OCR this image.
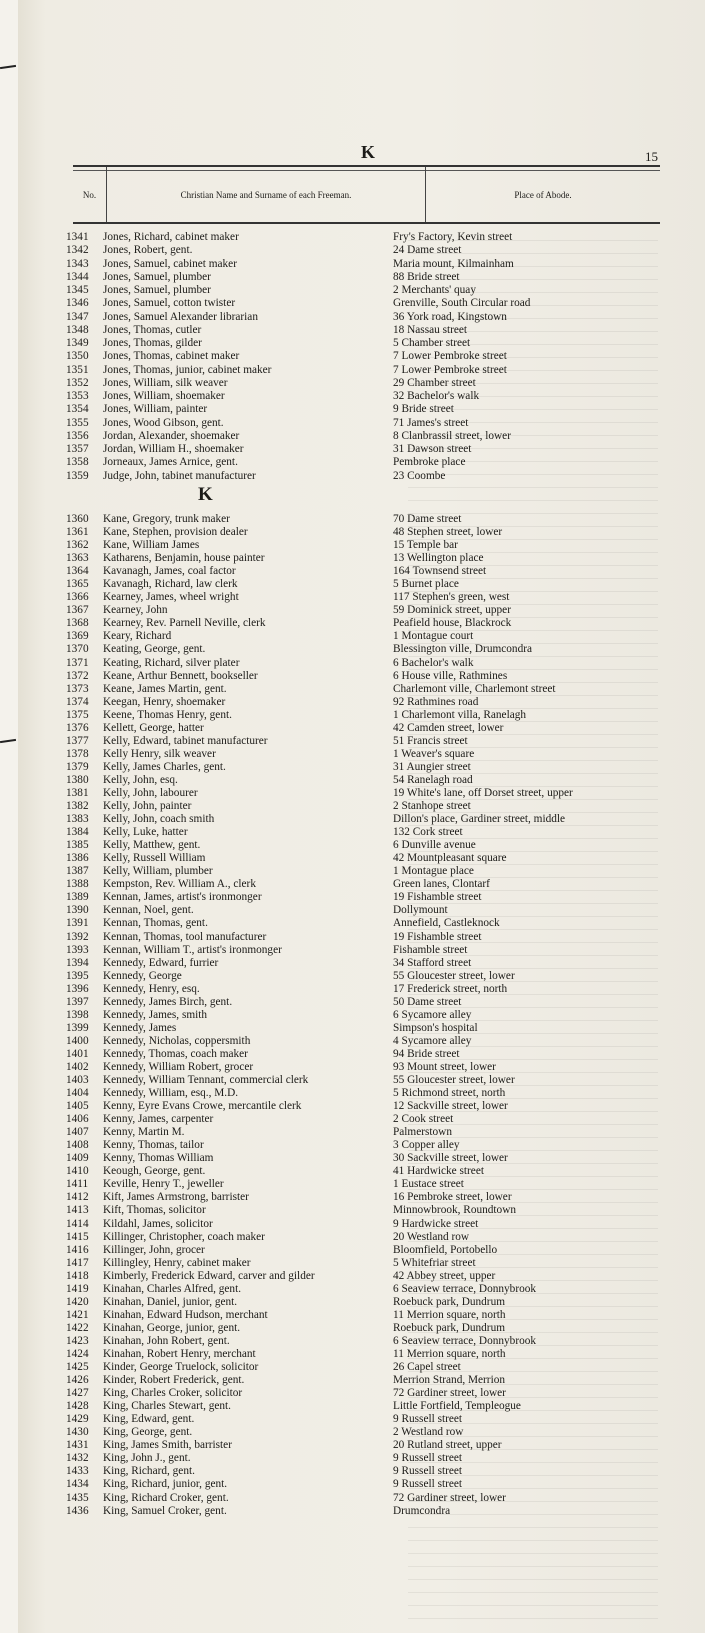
K	15
No.	Christian Name and Surname of each Freeman.	Place of Abode.
1341	Jones, Richard, cabinet maker	Fry's Factory, Kevin street
1342	Jones, Robert, gent.	24 Dame street
1343	Jones, Samuel, cabinet maker	Maria mount, Kilmainham
1344	Jones, Samuel, plumber	88 Bride street
1345	Jones, Samuel, plumber	2 Merchants' quay
1346	Jones, Samuel, cotton twister	Grenville, South Circular road
1347	Jones, Samuel Alexander librarian	36 York road, Kingstown
1348	Jones, Thomas, cutler	18 Nassau street
1349	Jones, Thomas, gilder	5 Chamber street
1350	Jones, Thomas, cabinet maker	7 Lower Pembroke street
1351	Jones, Thomas, junior, cabinet maker	7 Lower Pembroke street
1352	Jones, William, silk weaver	29 Chamber street
1353	Jones, William, shoemaker	32 Bachelor's walk
1354	Jones, William, painter	9 Bride street
1355	Jones, Wood Gibson, gent.	71 James's street
1356	Jordan, Alexander, shoemaker	8 Clanbrassil street, lower
1357	Jordan, William H., shoemaker	31 Dawson street
1358	Jorneaux, James Arnice, gent.	Pembroke place
1359	Judge, John, tabinet manufacturer	23 Coombe
K
1360	Kane, Gregory, trunk maker	70 Dame street
1361	Kane, Stephen, provision dealer	48 Stephen street, lower
1362	Kane, William James	15 Temple bar
1363	Katharens, Benjamin, house painter	13 Wellington place
1364	Kavanagh, James, coal factor	164 Townsend street
1365	Kavanagh, Richard, law clerk	5 Burnet place
1366	Kearney, James, wheel wright	117 Stephen's green, west
1367	Kearney, John	59 Dominick street, upper
1368	Kearney, Rev. Parnell Neville, clerk	Peafield house, Blackrock
1369	Keary, Richard	1 Montague court
1370	Keating, George, gent.	Blessington ville, Drumcondra
1371	Keating, Richard, silver plater	6 Bachelor's walk
1372	Keane, Arthur Bennett, bookseller	6 House ville, Rathmines
1373	Keane, James Martin, gent.	Charlemont ville, Charlemont street
1374	Keegan, Henry, shoemaker	92 Rathmines road
1375	Keene, Thomas Henry, gent.	1 Charlemont villa, Ranelagh
1376	Kellett, George, hatter	42 Camden street, lower
1377	Kelly, Edward, tabinet manufacturer	51 Francis street
1378	Kelly Henry, silk weaver	1 Weaver's square
1379	Kelly, James Charles, gent.	31 Aungier street
1380	Kelly, John, esq.	54 Ranelagh road
1381	Kelly, John, labourer	19 White's lane, off Dorset street, upper
1382	Kelly, John, painter	2 Stanhope street
1383	Kelly, John, coach smith	Dillon's place, Gardiner street, middle
1384	Kelly, Luke, hatter	132 Cork street
1385	Kelly, Matthew, gent.	6 Dunville avenue
1386	Kelly, Russell William	42 Mountpleasant square
1387	Kelly, William, plumber	1 Montague place
1388	Kempston, Rev. William A., clerk	Green lanes, Clontarf
1389	Kennan, James, artist's ironmonger	19 Fishamble street
1390	Kennan, Noel, gent.	Dollymount
1391	Kennan, Thomas, gent.	Annefield, Castleknock
1392	Kennan, Thomas, tool manufacturer	19 Fishamble street
1393	Kennan, William T., artist's ironmonger	Fishamble street
1394	Kennedy, Edward, furrier	34 Stafford street
1395	Kennedy, George	55 Gloucester street, lower
1396	Kennedy, Henry, esq.	17 Frederick street, north
1397	Kennedy, James Birch, gent.	50 Dame street
1398	Kennedy, James, smith	6 Sycamore alley
1399	Kennedy, James	Simpson's hospital
1400	Kennedy, Nicholas, coppersmith	4 Sycamore alley
1401	Kennedy, Thomas, coach maker	94 Bride street
1402	Kennedy, William Robert, grocer	93 Mount street, lower
1403	Kennedy, William Tennant, commercial clerk	55 Gloucester street, lower
1404	Kennedy, William, esq., M.D.	5 Richmond street, north
1405	Kenny, Eyre Evans Crowe, mercantile clerk	12 Sackville street, lower
1406	Kenny, James, carpenter	2 Cook street
1407	Kenny, Martin M.	Palmerstown
1408	Kenny, Thomas, tailor	3 Copper alley
1409	Kenny, Thomas William	30 Sackville street, lower
1410	Keough, George, gent.	41 Hardwicke street
1411	Keville, Henry T., jeweller	1 Eustace street
1412	Kift, James Armstrong, barrister	16 Pembroke street, lower
1413	Kift, Thomas, solicitor	Minnowbrook, Roundtown
1414	Kildahl, James, solicitor	9 Hardwicke street
1415	Killinger, Christopher, coach maker	20 Westland row
1416	Killinger, John, grocer	Bloomfield, Portobello
1417	Killingley, Henry, cabinet maker	5 Whitefriar street
1418	Kimberly, Frederick Edward, carver and gilder	42 Abbey street, upper
1419	Kinahan, Charles Alfred, gent.	6 Seaview terrace, Donnybrook
1420	Kinahan, Daniel, junior, gent.	Roebuck park, Dundrum
1421	Kinahan, Edward Hudson, merchant	11 Merrion square, north
1422	Kinahan, George, junior, gent.	Roebuck park, Dundrum
1423	Kinahan, John Robert, gent.	6 Seaview terrace, Donnybrook
1424	Kinahan, Robert Henry, merchant	11 Merrion square, north
1425	Kinder, George Truelock, solicitor	26 Capel street
1426	Kinder, Robert Frederick, gent.	Merrion Strand, Merrion
1427	King, Charles Croker, solicitor	72 Gardiner street, lower
1428	King, Charles Stewart, gent.	Little Fortfield, Templeogue
1429	King, Edward, gent.	9 Russell street
1430	King, George, gent.	2 Westland row
1431	King, James Smith, barrister	20 Rutland street, upper
1432	King, John J., gent.	9 Russell street
1433	King, Richard, gent.	9 Russell street
1434	King, Richard, junior, gent.	9 Russell street
1435	King, Richard Croker, gent.	72 Gardiner street, lower
1436	King, Samuel Croker, gent.	Drumcondra
